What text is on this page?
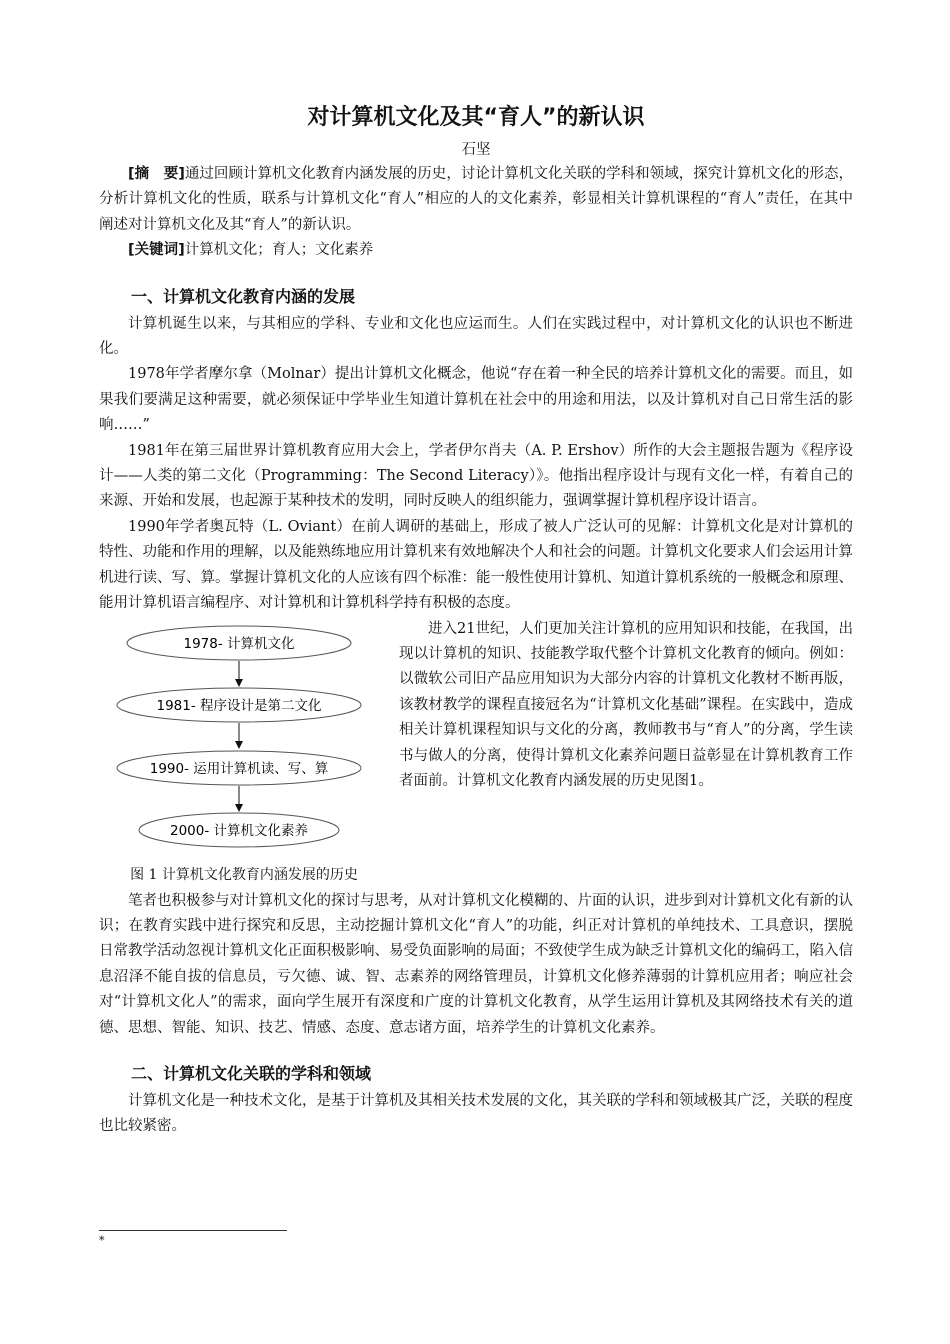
对计算机文化及其“育人”的新认识

石坚

[摘　要]通过回顾计算机文化教育内涵发展的历史，讨论计算机文化关联的学科和领域，探究计算机文化的形态，分析计算机文化的性质，联系与计算机文化“育人”相应的人的文化素养，彰显相关计算机课程的“育人”责任，在其中阐述对计算机文化及其“育人”的新认识。

[关键词]计算机文化；育人；文化素养

一、计算机文化教育内涵的发展

计算机诞生以来，与其相应的学科、专业和文化也应运而生。人们在实践过程中，对计算机文化的认识也不断进化。

1978年学者摩尔拿（Molnar）提出计算机文化概念，他说“存在着一种全民的培养计算机文化的需要。而且，如果我们要满足这种需要，就必须保证中学毕业生知道计算机在社会中的用途和用法，以及计算机对自己日常生活的影响……”

1981年在第三届世界计算机教育应用大会上，学者伊尔肖夫（A. P. Ershov）所作的大会主题报告题为《程序设计——人类的第二文化（Programming：The Second Literacy）》。他指出程序设计与现有文化一样，有着自己的来源、开始和发展，也起源于某种技术的发明，同时反映人的组织能力，强调掌握计算机程序设计语言。

1990年学者奥瓦特（L. Oviant）在前人调研的基础上，形成了被人广泛认可的见解：计算机文化是对计算机的特性、功能和作用的理解，以及能熟练地应用计算机来有效地解决个人和社会的问题。计算机文化要求人们会运用计算机进行读、写、算。掌握计算机文化的人应该有四个标准：能一般性使用计算机、知道计算机系统的一般概念和原理、能用计算机语言编程序、对计算机和计算机科学持有积极的态度。

1978- 计算机文化
1981- 程序设计是第二文化
1990- 运用计算机读、写、算
2000- 计算机文化素养
图 1 计算机文化教育内涵发展的历史

进入21世纪，人们更加关注计算机的应用知识和技能，在我国，出现以计算机的知识、技能教学取代整个计算机文化教育的倾向。例如：以微软公司旧产品应用知识为大部分内容的计算机文化教材不断再版，该教材教学的课程直接冠名为“计算机文化基础”课程。在实践中，造成相关计算机课程知识与文化的分离，教师教书与“育人”的分离，学生读书与做人的分离，使得计算机文化素养问题日益彰显在计算机教育工作者面前。计算机文化教育内涵发展的历史见图1。

笔者也积极参与对计算机文化的探讨与思考，从对计算机文化模糊的、片面的认识，进步到对计算机文化有新的认识；在教育实践中进行探究和反思，主动挖掘计算机文化“育人”的功能，纠正对计算机的单纯技术、工具意识，摆脱日常教学活动忽视计算机文化正面积极影响、易受负面影响的局面；不致使学生成为缺乏计算机文化的编码工，陷入信息沼泽不能自拔的信息员，亏欠德、诚、智、志素养的网络管理员，计算机文化修养薄弱的计算机应用者；响应社会对“计算机文化人”的需求，面向学生展开有深度和广度的计算机文化教育，从学生运用计算机及其网络技术有关的道德、思想、智能、知识、技艺、情感、态度、意志诸方面，培养学生的计算机文化素养。

二、计算机文化关联的学科和领域

计算机文化是一种技术文化，是基于计算机及其相关技术发展的文化，其关联的学科和领域极其广泛，关联的程度也比较紧密。

*
